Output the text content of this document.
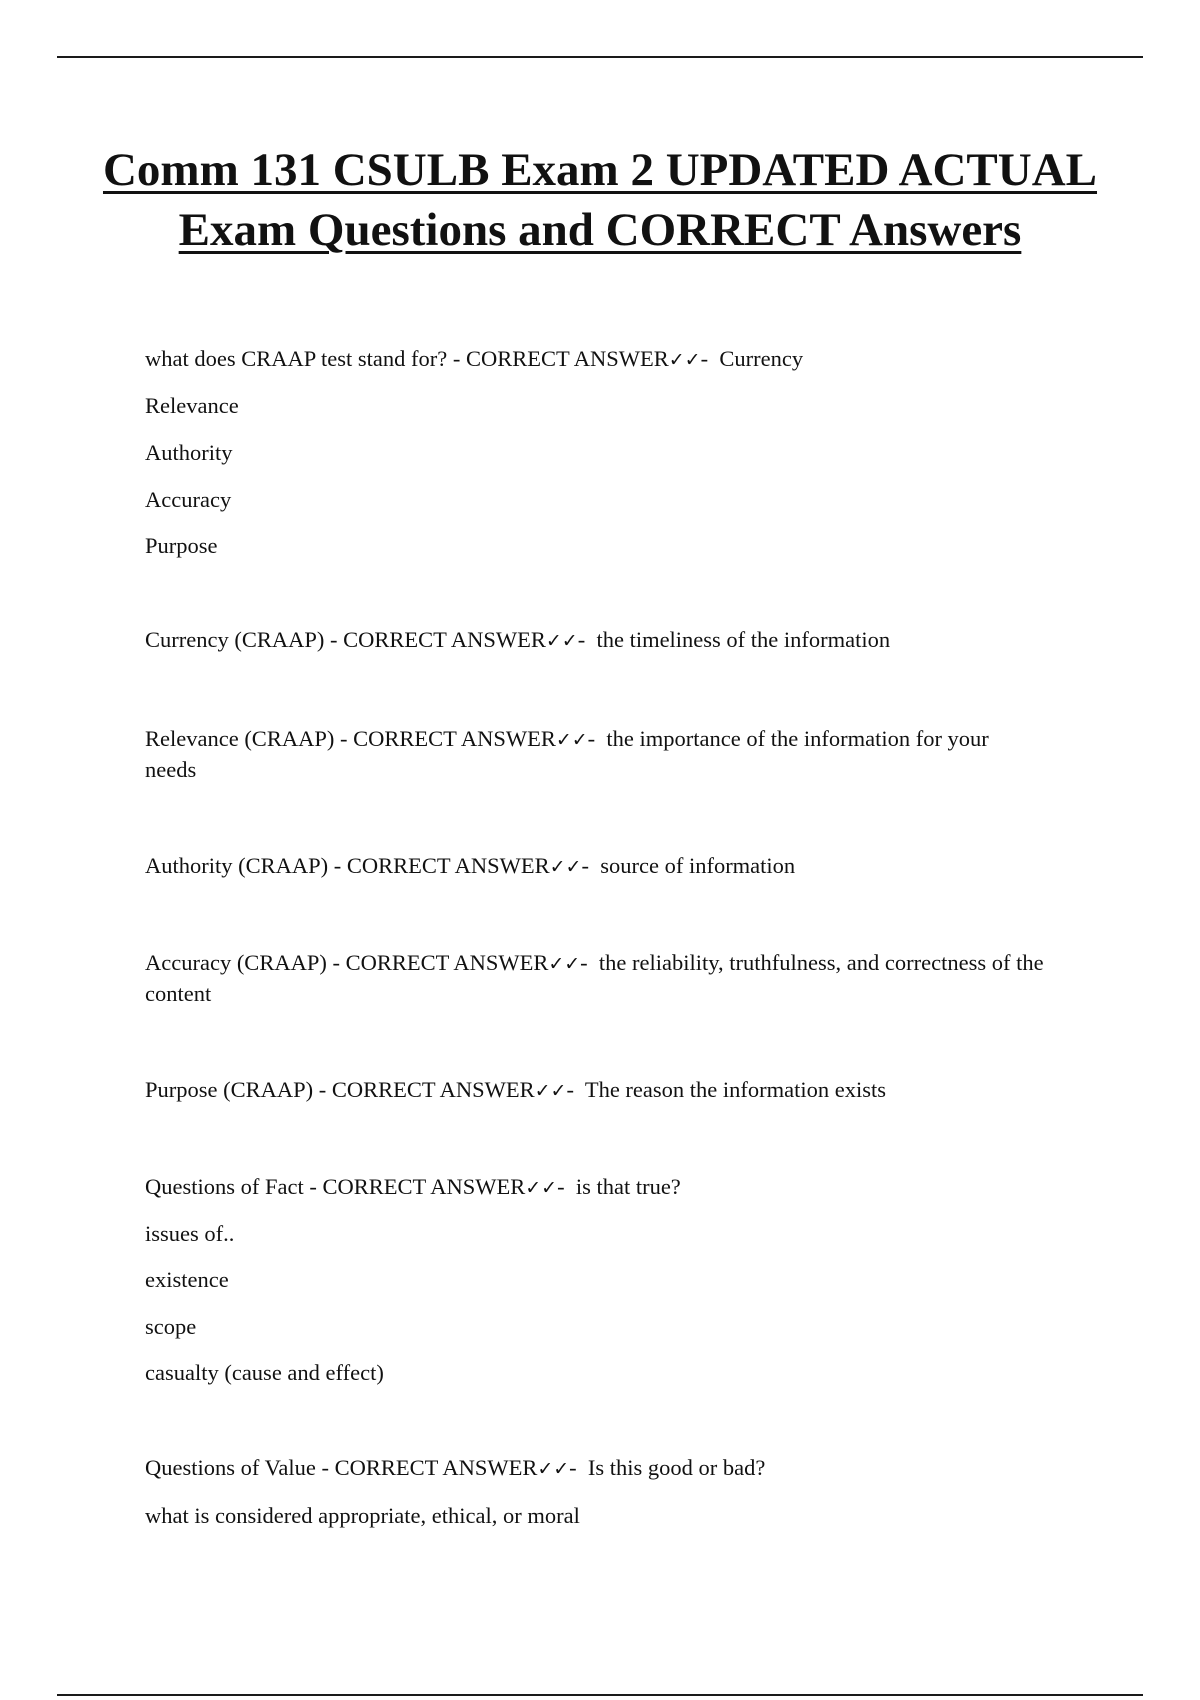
Comm 131 CSULB Exam 2 UPDATED ACTUAL Exam Questions and CORRECT Answers

what does CRAAP test stand for? - CORRECT ANSWER✓✓-  Currency

Relevance

Authority

Accuracy

Purpose

Currency (CRAAP) - CORRECT ANSWER✓✓-  the timeliness of the information

Relevance (CRAAP) - CORRECT ANSWER✓✓-  the importance of the information for your needs

Authority (CRAAP) - CORRECT ANSWER✓✓-  source of information

Accuracy (CRAAP) - CORRECT ANSWER✓✓-  the reliability, truthfulness, and correctness of the content

Purpose (CRAAP) - CORRECT ANSWER✓✓-  The reason the information exists

Questions of Fact - CORRECT ANSWER✓✓-  is that true?

issues of..

existence

scope

casualty (cause and effect)

Questions of Value - CORRECT ANSWER✓✓-  Is this good or bad?

what is considered appropriate, ethical, or moral
